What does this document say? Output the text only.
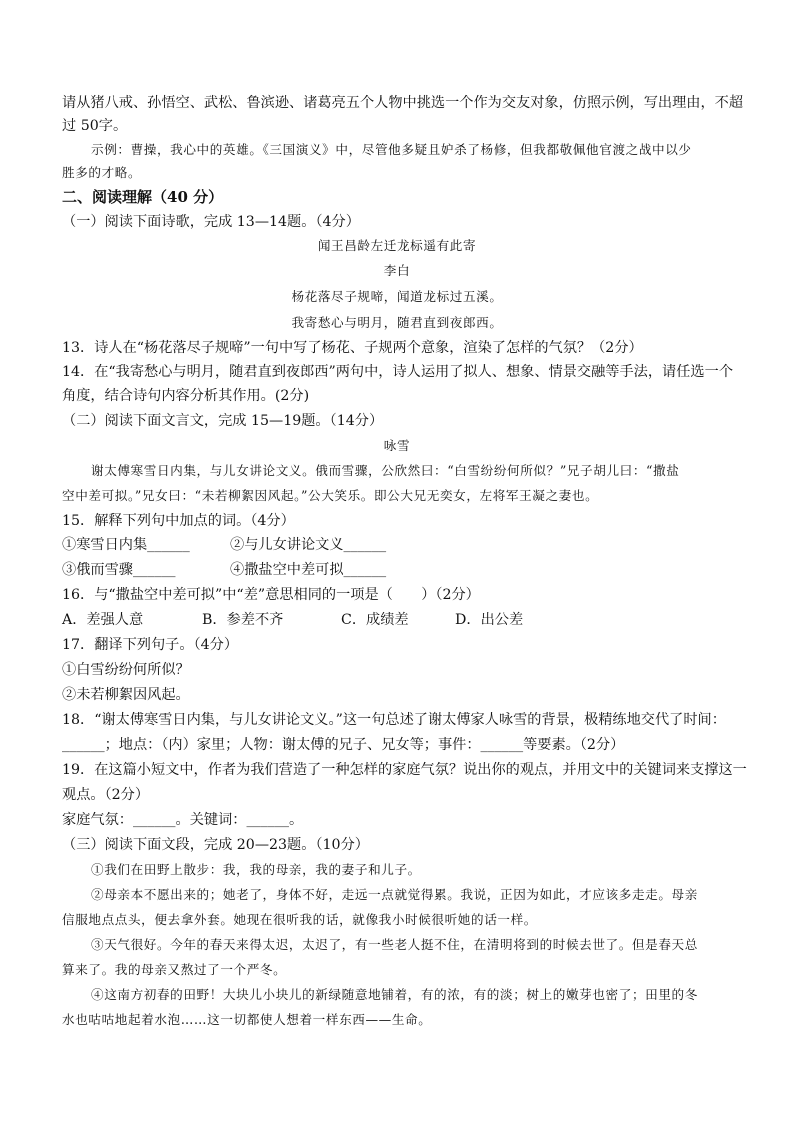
请从猪八戒、孙悟空、武松、鲁滨逊、诸葛亮五个人物中挑选一个作为交友对象，仿照示例，写出理由，不超
过 50字。
示例：曹操，我心中的英雄。《三国演义》中，尽管他多疑且妒杀了杨修，但我都敬佩他官渡之战中以少
胜多的才略。
二、阅读理解（40 分）
（一）阅读下面诗歌，完成 13—14题。（4分）
闻王昌龄左迁龙标遥有此寄
李白
杨花落尽子规啼，闻道龙标过五溪。
我寄愁心与明月，随君直到夜郎西。
13．诗人在“杨花落尽子规啼”一句中写了杨花、子规两个意象，渲染了怎样的气氛？（2分）
14．在“我寄愁心与明月，随君直到夜郎西”两句中，诗人运用了拟人、想象、情景交融等手法，请任选一个
角度，结合诗句内容分析其作用。(2分)
（二）阅读下面文言文，完成 15—19题。（14分）
咏雪
谢太傅寒雪日内集，与儿女讲论文义。俄而雪骤，公欣然曰：“白雪纷纷何所似？”兄子胡儿曰：“撒盐
空中差可拟。”兄女曰：“未若柳絮因风起。”公大笑乐。即公大兄无奕女，左将军王凝之妻也。
15．解释下列句中加点的词。（4分）
①寒雪日内集______	②与儿女讲论文义______
③俄而雪骤______	④撒盐空中差可拟______
16．与“撒盐空中差可拟”中“差”意思相同的一项是（　　）（2分）
A．差强人意	B．参差不齐	C．成绩差	D．出公差
17．翻译下列句子。（4分）
①白雪纷纷何所似？
②未若柳絮因风起。
18．“谢太傅寒雪日内集，与儿女讲论文义。”这一句总述了谢太傅家人咏雪的背景，极精练地交代了时间：
______；地点：（内）家里；人物：谢太傅的兄子、兄女等；事件：______等要素。（2分）
19．在这篇小短文中，作者为我们营造了一种怎样的家庭气氛？说出你的观点，并用文中的关键词来支撑这一
观点。（2分）
家庭气氛：______。关键词：______。
（三）阅读下面文段，完成 20—23题。（10分）
①我们在田野上散步：我，我的母亲，我的妻子和儿子。
②母亲本不愿出来的；她老了，身体不好，走远一点就觉得累。我说，正因为如此，才应该多走走。母亲
信服地点点头，便去拿外套。她现在很听我的话，就像我小时候很听她的话一样。
③天气很好。今年的春天来得太迟，太迟了，有一些老人挺不住，在清明将到的时候去世了。但是春天总
算来了。我的母亲又熬过了一个严冬。
④这南方初春的田野！大块儿小块儿的新绿随意地铺着，有的浓，有的淡；树上的嫩芽也密了；田里的冬
水也咕咕地起着水泡……这一切都使人想着一样东西——生命。
